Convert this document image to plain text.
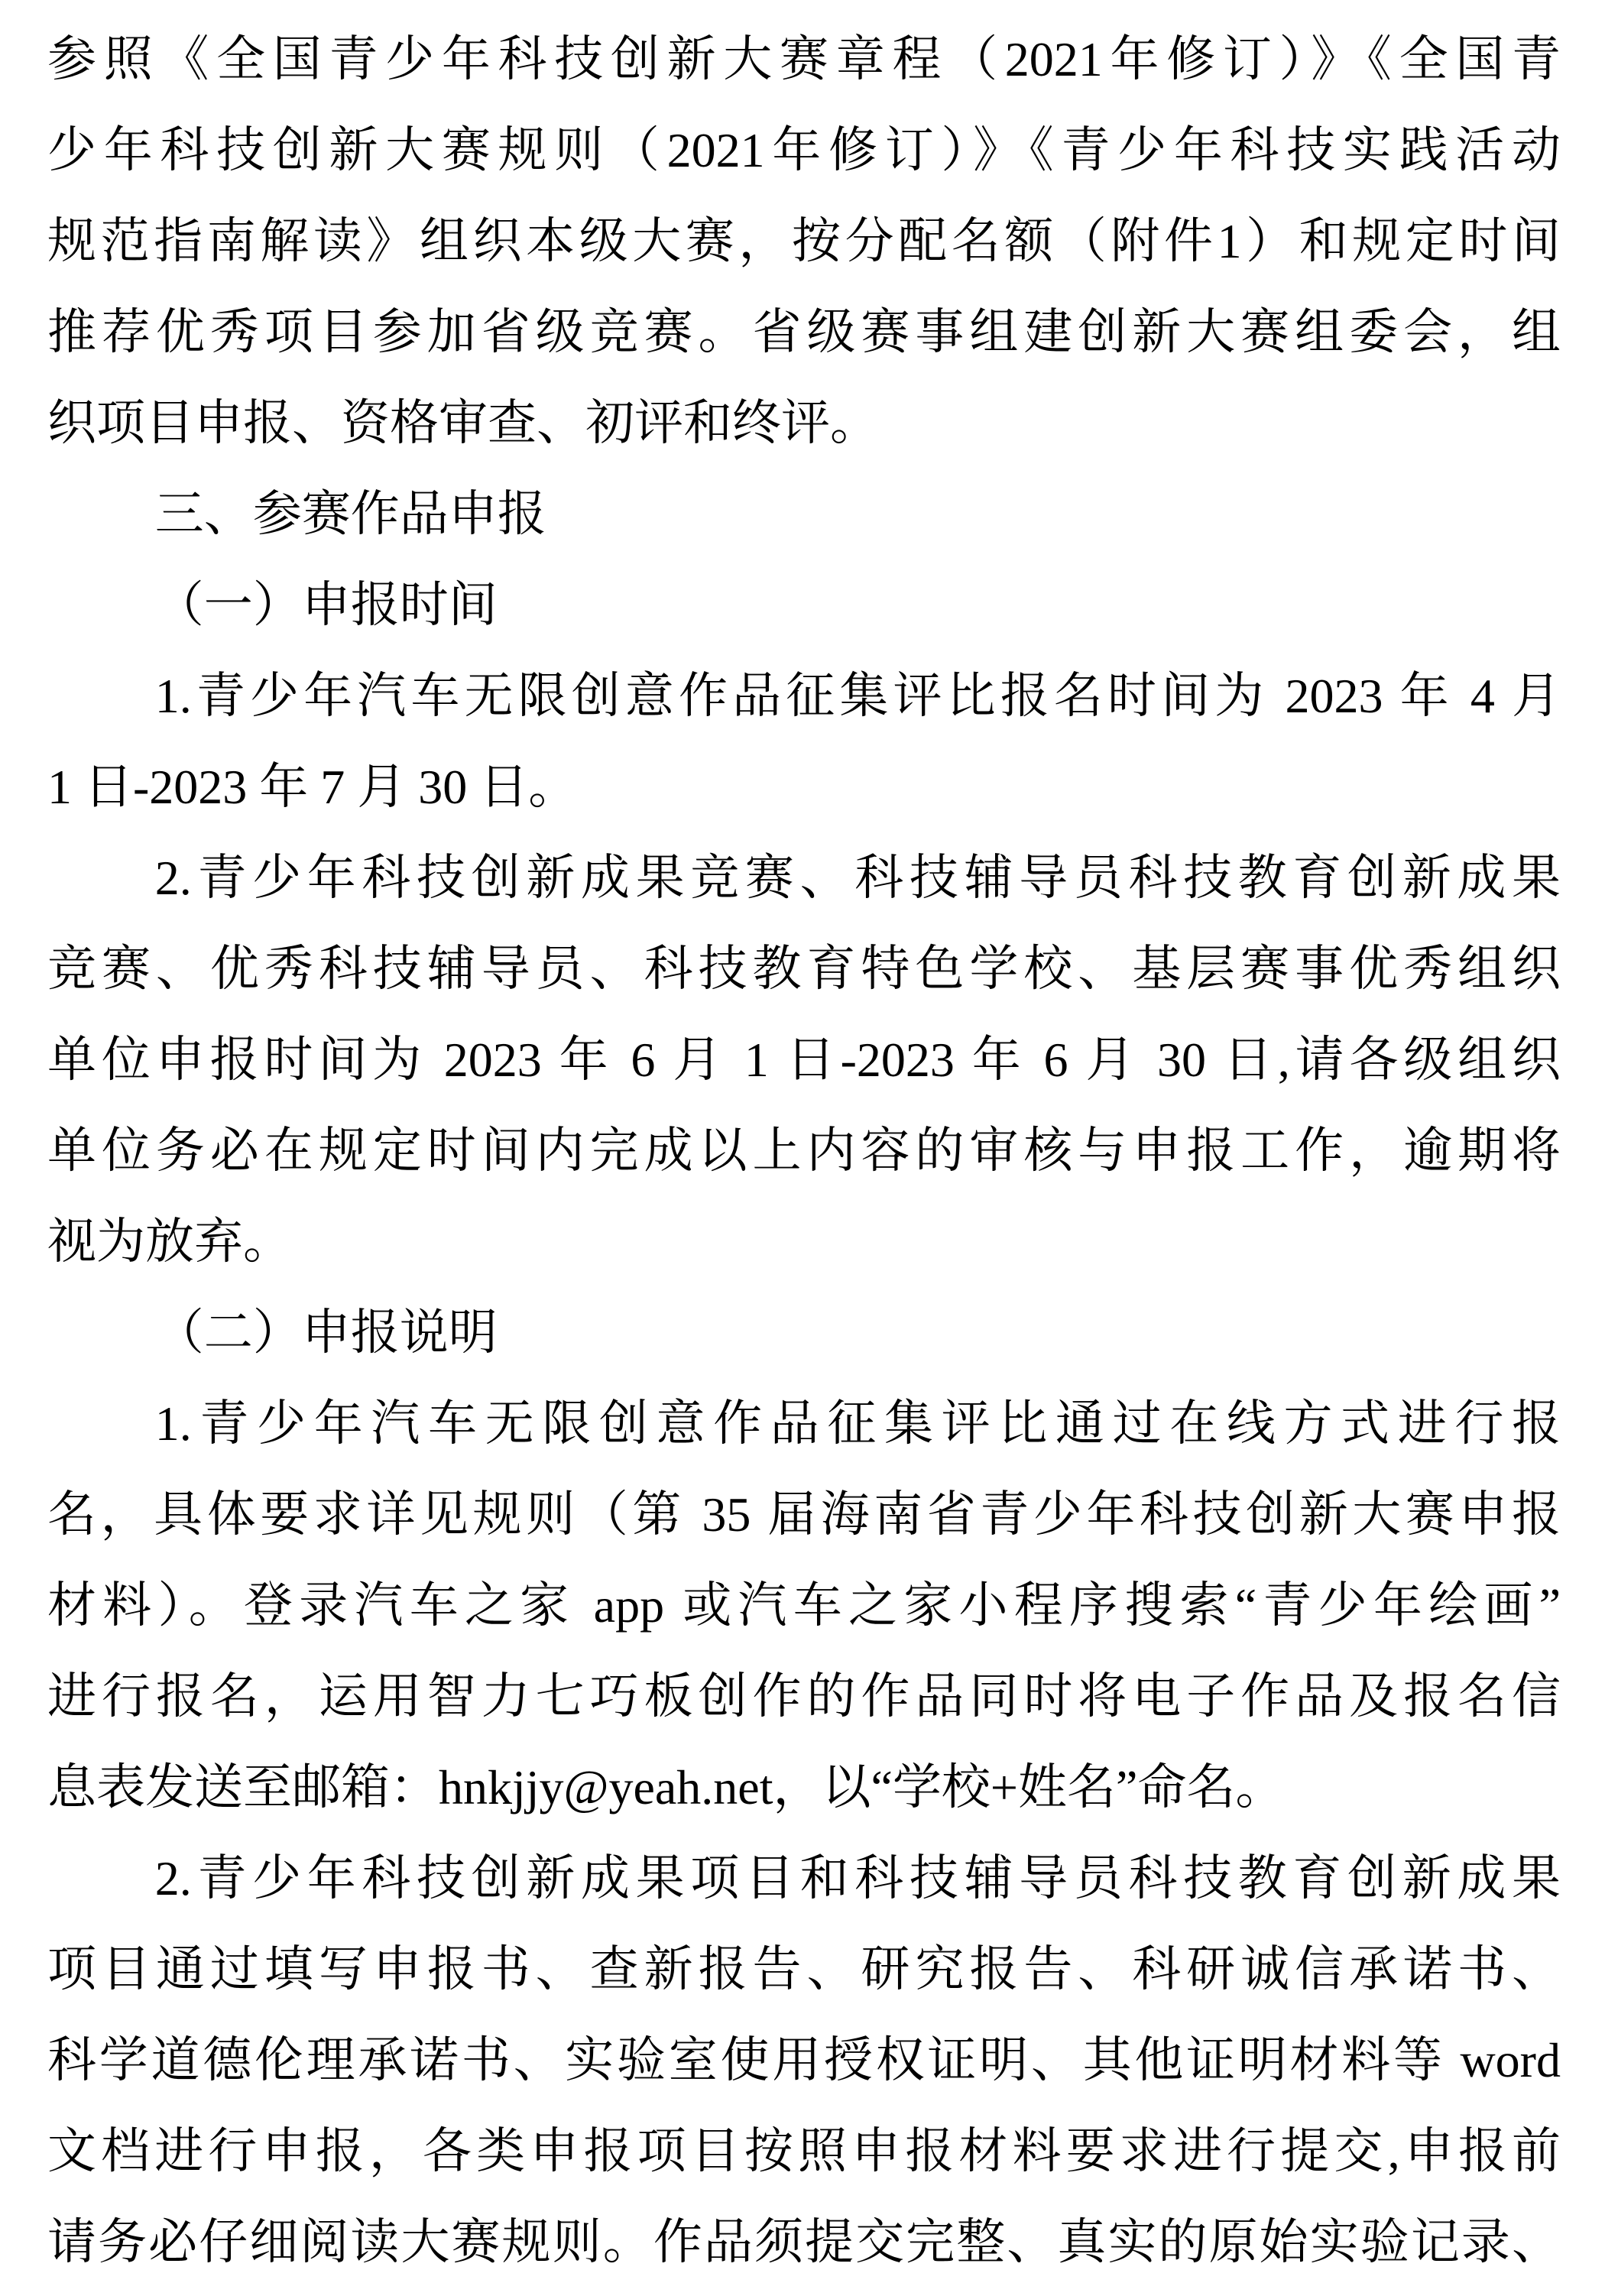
参照《全国青少年科技创新大赛章程（2021年修订）》《全国青
少年科技创新大赛规则（2021年修订）》《青少年科技实践活动
规范指南解读》组织本级大赛，按分配名额（附件1）和规定时间
推荐优秀项目参加省级竞赛。省级赛事组建创新大赛组委会，组
织项目申报、资格审查、初评和终评。
三、参赛作品申报
（一）申报时间
1.青少年汽车无限创意作品征集评比报名时间为 2023 年 4 月
1 日-2023 年 7 月 30 日。
2.青少年科技创新成果竞赛、科技辅导员科技教育创新成果
竞赛、优秀科技辅导员、科技教育特色学校、基层赛事优秀组织
单位申报时间为 2023 年 6 月 1 日-2023 年 6 月 30 日,请各级组织
单位务必在规定时间内完成以上内容的审核与申报工作，逾期将
视为放弃。
（二）申报说明
1.青少年汽车无限创意作品征集评比通过在线方式进行报
名，具体要求详见规则（第 35 届海南省青少年科技创新大赛申报
材料）。登录汽车之家 app 或汽车之家小程序搜索“青少年绘画”
进行报名，运用智力七巧板创作的作品同时将电子作品及报名信
息表发送至邮箱：hnkjjy@yeah.net，以“学校+姓名”命名。
2.青少年科技创新成果项目和科技辅导员科技教育创新成果
项目通过填写申报书、查新报告、研究报告、科研诚信承诺书、
科学道德伦理承诺书、实验室使用授权证明、其他证明材料等 word
文档进行申报，各类申报项目按照申报材料要求进行提交,申报前
请务必仔细阅读大赛规则。作品须提交完整、真实的原始实验记录、
